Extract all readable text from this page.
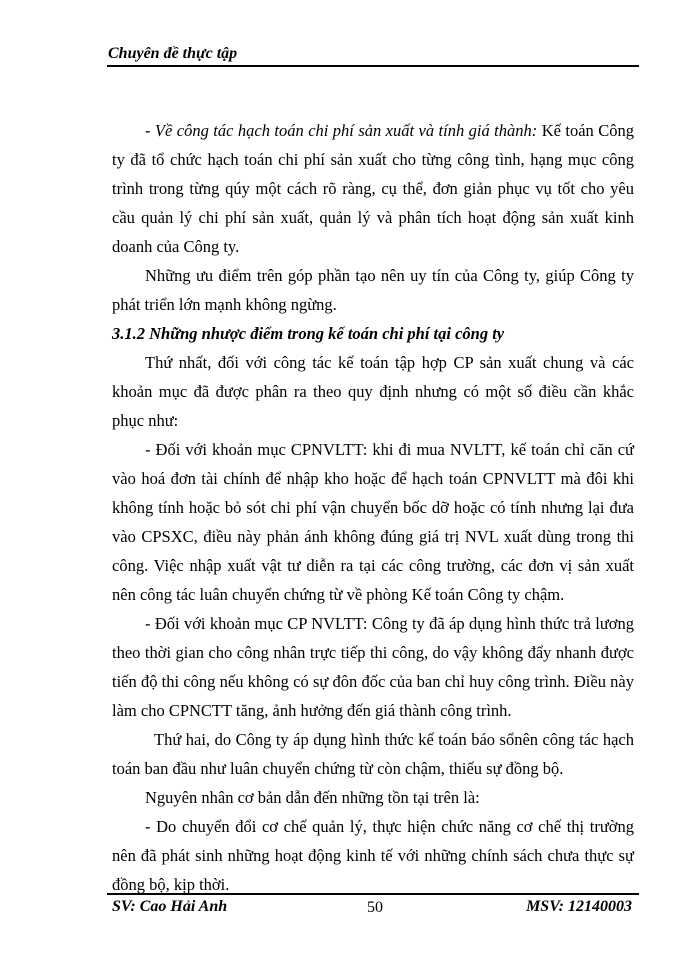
Chuyên đề thực tập

- Về công tác hạch toán chi phí sản xuất và tính giá thành: Kế toán Công ty đã tổ chức hạch toán chi phí sản xuất cho từng công tình, hạng mục công trình trong từng qúy một cách rõ ràng, cụ thể, đơn giản phục vụ tốt cho yêu cầu quản lý chi phí sản xuất, quản lý và phân tích hoạt động sản xuất kinh doanh của Công ty.

Những ưu điểm trên góp phần tạo nên uy tín của Công ty, giúp Công ty phát triển lớn mạnh không ngừng.

3.1.2 Những nhược điểm trong kế toán chi phí tại công ty

Thứ nhất, đối với công tác kế toán tập hợp CP sản xuất chung và các khoản mục đã được phân ra theo quy định nhưng có một số điều cần khắc phục như:

- Đối với khoản mục CPNVLTT: khi đi mua NVLTT, kế toán chỉ căn cứ vào hoá đơn tài chính để nhập kho hoặc để hạch toán CPNVLTT mà đôi khi không tính hoặc bỏ sót chi phí vận chuyển bốc dỡ hoặc có tính nhưng lại đưa vào CPSXC, điều này phản ánh không đúng giá trị NVL xuất dùng trong thi công. Việc nhập xuất vật tư diễn ra tại các công trường, các đơn vị sản xuất nên công tác luân chuyển chứng từ về phòng Kế toán Công ty chậm.

- Đối với khoản mục CP NVLTT: Công ty đã áp dụng hình thức trả lương theo thời gian cho công nhân trực tiếp thi công, do vậy không đẩy nhanh được tiến độ thi công nếu không có sự đôn đốc của ban chỉ huy công trình. Điều này làm cho CPNCTT tăng, ảnh hưởng đến giá thành công trình.

Thứ hai, do Công ty áp dụng hình thức kế toán báo sổnên công tác hạch toán ban đầu như luân chuyển chứng từ còn chậm, thiếu sự đồng bộ.

Nguyên nhân cơ bản dẫn đến những tồn tại trên là:

- Do chuyển đổi cơ chế quản lý, thực hiện chức năng cơ chế thị trường nên đã phát sinh những hoạt động kinh tế với những chính sách chưa thực sự đồng bộ, kịp thời.

SV: Cao Hải Anh	50	MSV: 12140003
